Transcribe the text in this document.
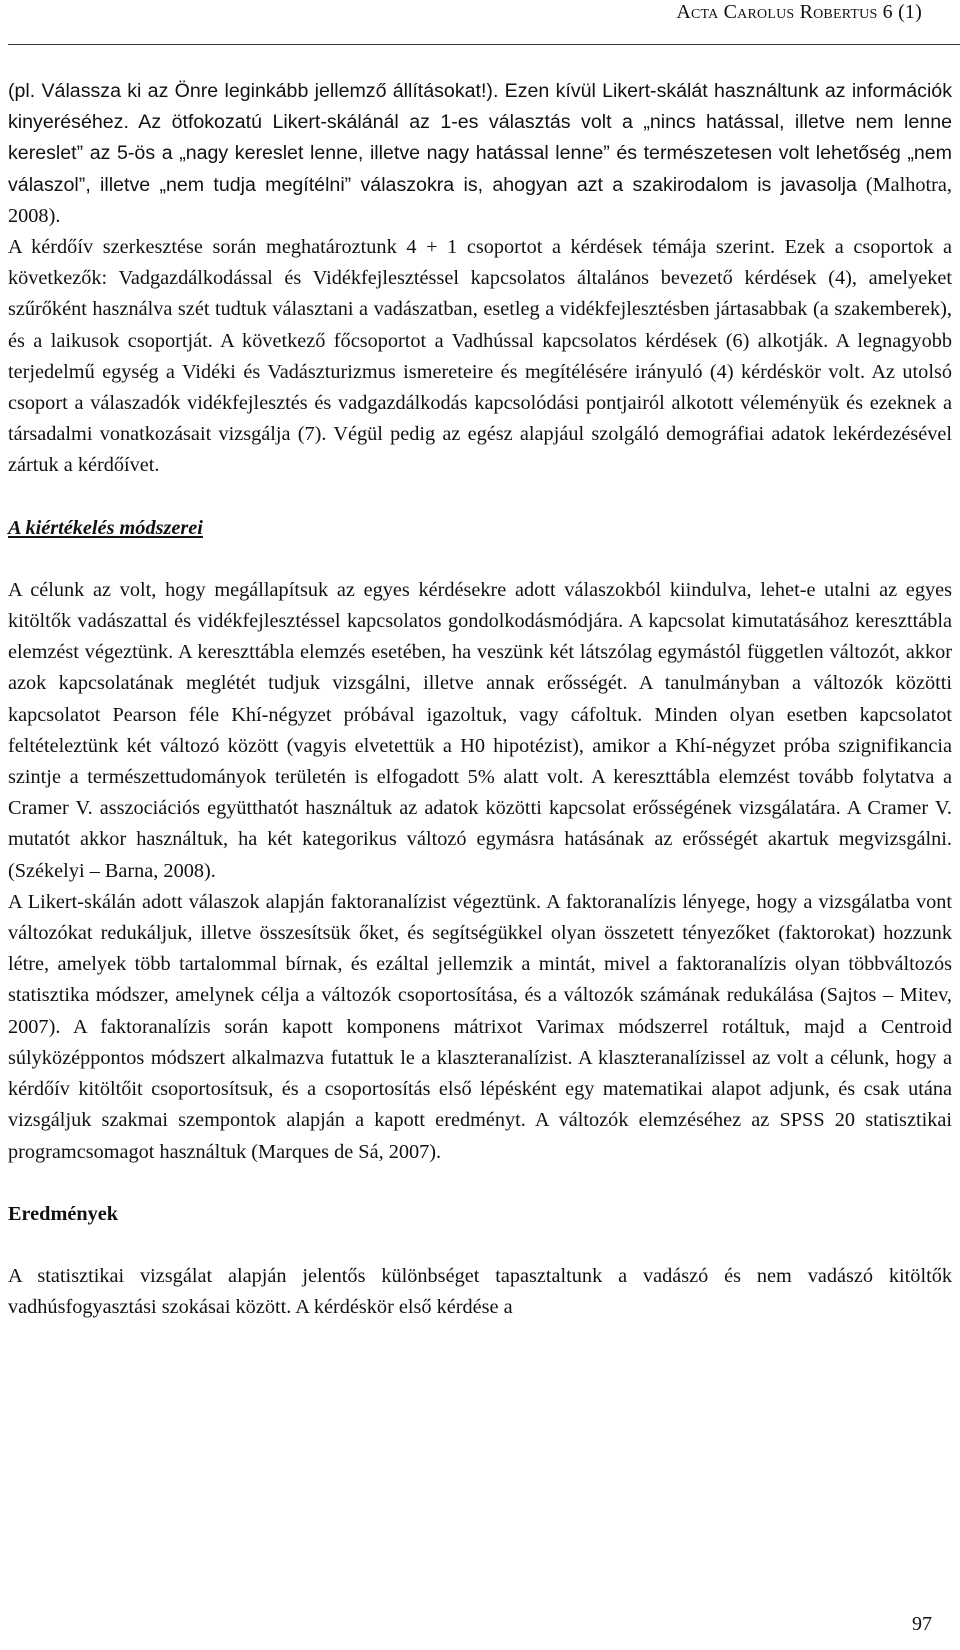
Acta Carolus Robertus 6 (1)

(pl. Válassza ki az Önre leginkább jellemző állításokat!). Ezen kívül Likert-skálát használtunk az információk kinyeréséhez. Az ötfokozatú Likert-skálánál az 1-es választás volt a „nincs hatással, illetve nem lenne kereslet” az 5-ös a „nagy kereslet lenne, illetve nagy hatással lenne” és természetesen volt lehetőség „nem válaszol”, illetve „nem tudja megítélni” válaszokra is, ahogyan azt a szakirodalom is javasolja (Malhotra, 2008).

A kérdőív szerkesztése során meghatároztunk 4 + 1 csoportot a kérdések témája szerint. Ezek a csoportok a következők: Vadgazdálkodással és Vidékfejlesztéssel kapcsolatos általános bevezető kérdések (4), amelyeket szűrőként használva szét tudtuk választani a vadászatban, esetleg a vidékfejlesztésben jártasabbak (a szakemberek), és a laikusok csoportját. A következő főcsoportot a Vadhússal kapcsolatos kérdések (6) alkotják. A legnagyobb terjedelmű egység a Vidéki és Vadászturizmus ismereteire és megítélésére irányuló (4) kérdéskör volt. Az utolsó csoport a válaszadók vidékfejlesztés és vadgazdálkodás kapcsolódási pontjairól alkotott véleményük és ezeknek a társadalmi vonatkozásait vizsgálja (7). Végül pedig az egész alapjául szolgáló demográfiai adatok lekérdezésével zártuk a kérdőívet.

A kiértékelés módszerei

A célunk az volt, hogy megállapítsuk az egyes kérdésekre adott válaszokból kiindulva, lehet-e utalni az egyes kitöltők vadászattal és vidékfejlesztéssel kapcsolatos gondolkodásmódjára. A kapcsolat kimutatásához kereszttábla elemzést végeztünk. A kereszttábla elemzés esetében, ha veszünk két látszólag egymástól független változót, akkor azok kapcsolatának meglétét tudjuk vizsgálni, illetve annak erősségét. A tanulmányban a változók közötti kapcsolatot Pearson féle Khí-négyzet próbával igazoltuk, vagy cáfoltuk. Minden olyan esetben kapcsolatot feltételeztünk két változó között (vagyis elvetettük a H0 hipotézist), amikor a Khí-négyzet próba szignifikancia szintje a természettudományok területén is elfogadott 5% alatt volt. A kereszttábla elemzést tovább folytatva a Cramer V. asszociációs együtthatót használtuk az adatok közötti kapcsolat erősségének vizsgálatára. A Cramer V. mutatót akkor használtuk, ha két kategorikus változó egymásra hatásának az erősségét akartuk megvizsgálni. (Székelyi – Barna, 2008).

A Likert-skálán adott válaszok alapján faktoranalízist végeztünk. A faktoranalízis lényege, hogy a vizsgálatba vont változókat redukáljuk, illetve összesítsük őket, és segítségükkel olyan összetett tényezőket (faktorokat) hozzunk létre, amelyek több tartalommal bírnak, és ezáltal jellemzik a mintát, mivel a faktoranalízis olyan többváltozós statisztika módszer, amelynek célja a változók csoportosítása, és a változók számának redukálása (Sajtos – Mitev, 2007). A faktoranalízis során kapott komponens mátrixot Varimax módszerrel rotáltuk, majd a Centroid súlyközéppontos módszert alkalmazva futattuk le a klaszteranalízist. A klaszteranalízissel az volt a célunk, hogy a kérdőív kitöltőit csoportosítsuk, és a csoportosítás első lépésként egy matematikai alapot adjunk, és csak utána vizsgáljuk szakmai szempontok alapján a kapott eredményt. A változók elemzéséhez az SPSS 20 statisztikai programcsomagot használtuk (Marques de Sá, 2007).

Eredmények

A statisztikai vizsgálat alapján jelentős különbséget tapasztaltunk a vadászó és nem vadászó kitöltők vadhúsfogyasztási szokásai között. A kérdéskör első kérdése a

97
